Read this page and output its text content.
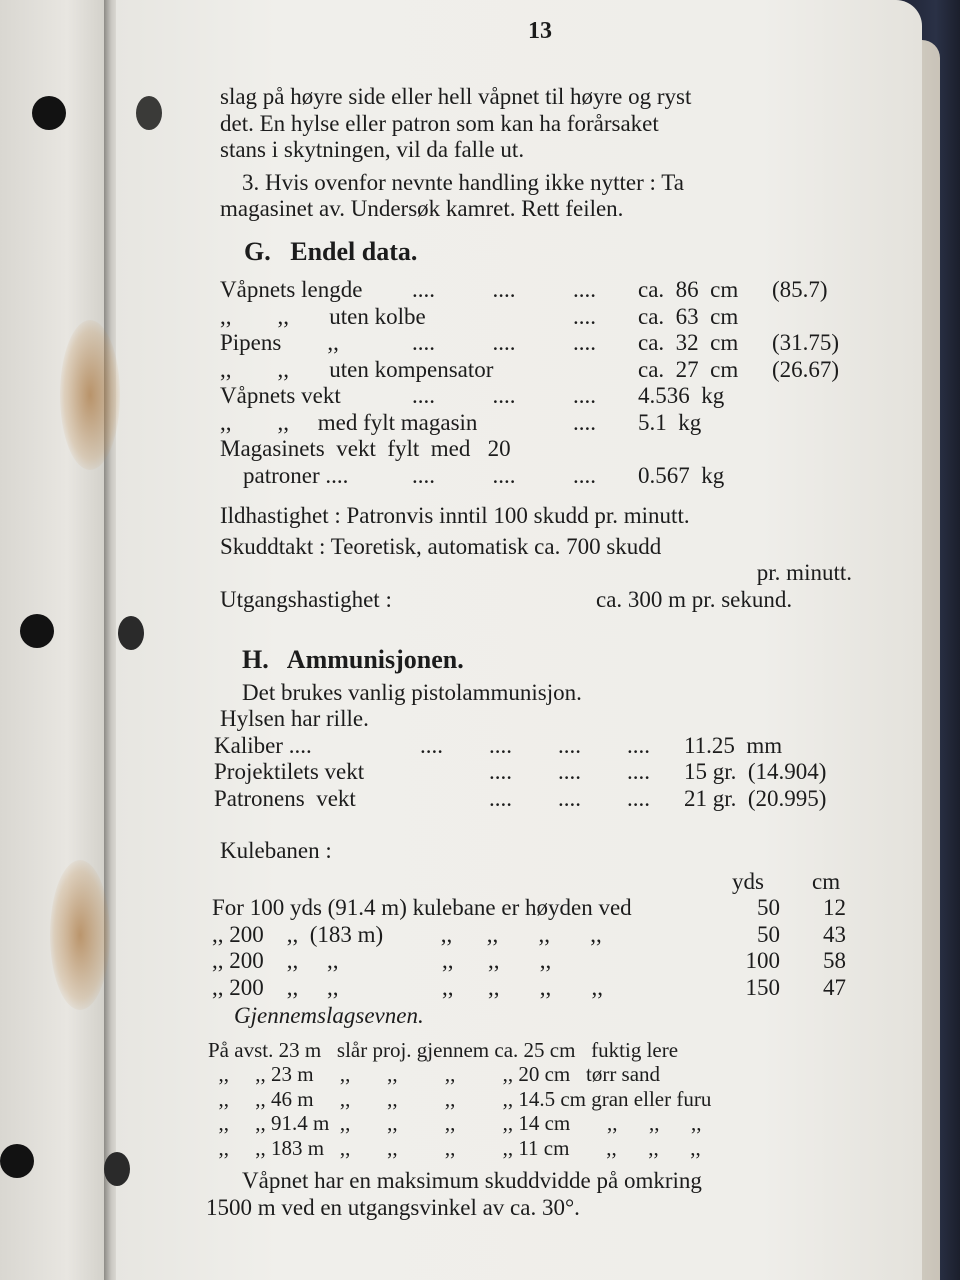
13
slag på høyre side eller hell våpnet til høyre og ryst
det. En hylse eller patron som kan ha forårsaket
stans i skytningen, vil da falle ut.
3. Hvis ovenfor nevnte handling ikke nytter : Ta
magasinet av. Undersøk kamret. Rett feilen.
G.   Endel data.
Våpnets lengde ....          ....          .... ca.  86  cm (85.7)
,,        ,,       uten kolbe	.... ca.  63  cm
Pipens        ,,	....          ....          .... ca.  32  cm (31.75)
,,        ,,       uten kompensator	ca.  27  cm (26.67)
Våpnets vekt	....          ....          .... 4.536  kg
,,        ,,     med fylt magasin	.... 5.1  kg
Magasinets  vekt  fylt  med   20
patroner ....	....          ....          .... 0.567  kg
Ildhastighet : Patronvis inntil 100 skudd pr. minutt.
Skuddtakt : Teoretisk, automatisk ca. 700 skudd
pr. minutt.
Utgangshastighet :	ca. 300 m pr. sekund.
H.   Ammunisjonen.
Det brukes vanlig pistolammunisjon.
Hylsen har rille.
Kaliber ....	....        ....        ....        .... 11.25  mm
Projektilets vekt	....        ....        .... 15 gr.  (14.904)
Patronens  vekt	....        ....        .... 21 gr.  (20.995)
Kulebanen :
yds cm
For 100 yds (91.4 m) kulebane er høyden ved	50 12
,, 200    ,,  (183 m)          ,,      ,,       ,,       ,,	50 43
,, 200    ,,     ,,                  ,,      ,,       ,,	100 58
,, 200    ,,     ,,                  ,,      ,,       ,,       ,,	150 47
Gjennemslagsevnen.
På avst. 23 m   slår proj. gjennem ca. 25 cm   fuktig lere
,,     ,, 23 m     ,,       ,,         ,,         ,, 20 cm   tørr sand
,,     ,, 46 m     ,,       ,,         ,,         ,, 14.5 cm gran eller furu
,,     ,, 91.4 m  ,,       ,,         ,,         ,, 14 cm       ,,      ,,      ,,
,,     ,, 183 m   ,,       ,,         ,,         ,, 11 cm       ,,      ,,      ,,
Våpnet har en maksimum skuddvidde på omkring
1500 m ved en utgangsvinkel av ca. 30°.
